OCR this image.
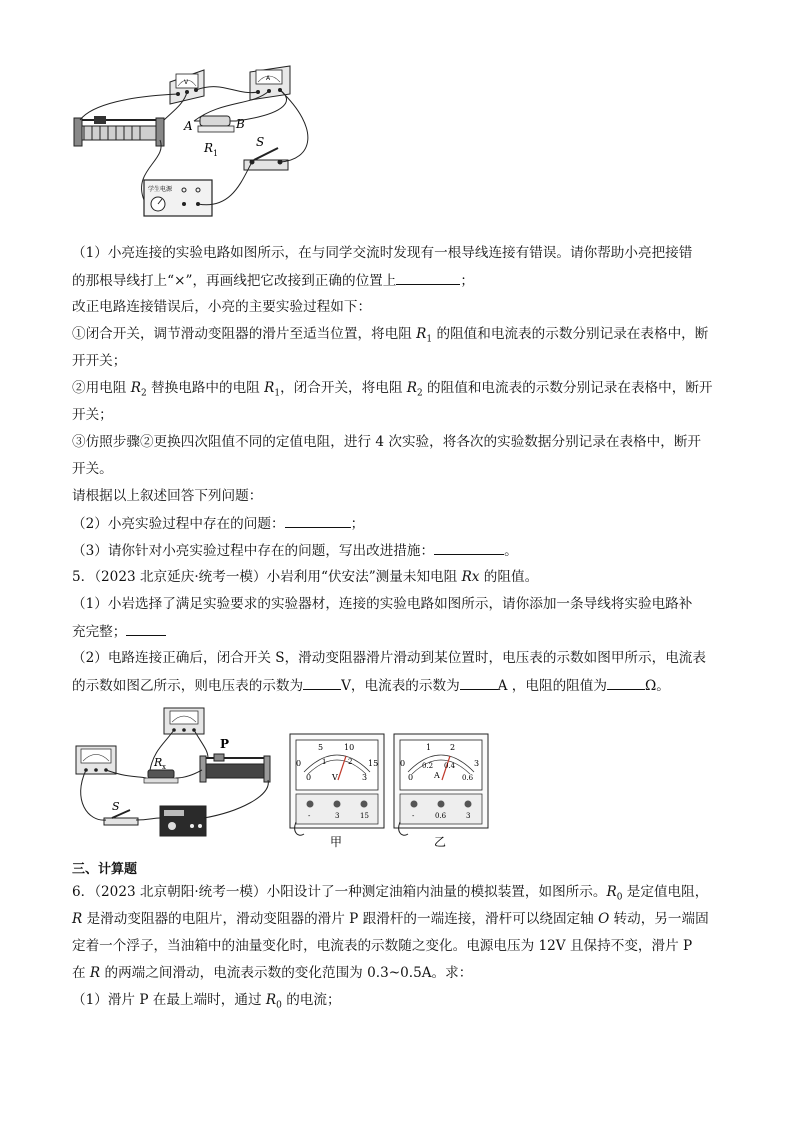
V
A
A	B
R 1
S
学生电源
（1）小亮连接的实验电路如图所示，在与同学交流时发现有一根导线连接有错误。请你帮助小亮把接错
的那根导线打上“×”，再画线把它改接到正确的位置上	；
改正电路连接错误后，小亮的主要实验过程如下：
①闭合开关，调节滑动变阻器的滑片至适当位置，将电阻 $R_1$ 的阻值和电流表的示数分别记录在表格中，断
开开关；
②用电阻 $R_2$ 替换电路中的电阻 $R_1$，闭合开关，将电阻 $R_2$ 的阻值和电流表的示数分别记录在表格中，断开
开关；
③仿照步骤②更换四次阻值不同的定值电阻，进行 4 次实验，将各次的实验数据分别记录在表格中，断开
开关。
请根据以上叙述回答下列问题：
（2）小亮实验过程中存在的问题：	；
（3）请你针对小亮实验过程中存在的问题，写出改进措施：	。
5．（2023 北京延庆·统考一模）小岩利用“伏安法”测量未知电阻 Rx 的阻值。
（1）小岩选择了满足实验要求的实验器材，连接的实验电路如图所示，请你添加一条导线将实验电路补
充完整；
（2）电路连接正确后，闭合开关 S，滑动变阻器滑片滑动到某位置时，电压表的示数如图甲所示，电流表
的示数如图乙所示，则电压表的示数为	V，电流表的示数为	A ，电阻的阻值为	Ω。
R x
P
S
0
5	10
15
0
1	2
3
V
-	3	15
甲
0
1 2
3
0
0.2 0.4
0.6
A
-	0.6	3
乙
三、计算题
6．（2023 北京朝阳·统考一模）小阳设计了一种测定油箱内油量的模拟装置，如图所示。$R_0$ 是定值电阻，
R 是滑动变阻器的电阻片，滑动变阻器的滑片 P 跟滑杆的一端连接，滑杆可以绕固定轴 O 转动，另一端固
定着一个浮子，当油箱中的油量变化时，电流表的示数随之变化。电源电压为 12V 且保持不变，滑片 P
在 R 的两端之间滑动，电流表示数的变化范围为 0.3~0.5A。求：
（1）滑片 P 在最上端时，通过 $R_0$ 的电流；
